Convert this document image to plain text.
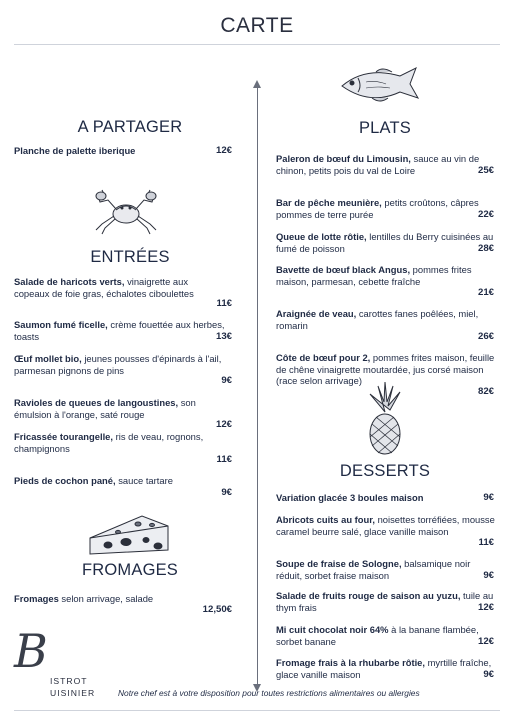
CARTE
A PARTAGER
Planche de palette iberique	12€
ENTRÉES
Salade de haricots verts, vinaigrette aux copeaux de foie gras, échalotes ciboulettes
11€
Saumon fumé ficelle, crème fouettée aux herbes, toasts	13€
Œuf mollet bio, jeunes pousses d'épinards à l'ail, parmesan pignons de pins
9€
Ravioles de queues de langoustines, son émulsion à l'orange, saté rouge
12€
Fricassée tourangelle, ris de veau, rognons, champignons
11€
Pieds de cochon pané, sauce tartare
9€
FROMAGES
Fromages selon arrivage, salade
12,50€
B
ISTROT
UISINIER
PLATS
Paleron de bœuf du Limousin, sauce au vin de chinon, petits pois du val de Loire	25€
Bar de pêche meunière, petits croûtons, câpres pommes de terre purée	22€
Queue de lotte rôtie, lentilles du Berry cuisinées au fumé de poisson	28€
Bavette de bœuf black Angus, pommes frites maison, parmesan, cebette fraîche
21€
Araignée de veau, carottes fanes poêlées, miel, romarin
26€
Côte de bœuf pour 2, pommes frites maison, feuille de chêne vinaigrette moutardée, jus corsé maison (race selon arrivage)
82€
DESSERTS
Variation glacée 3 boules maison	9€
Abricots cuits au four, noisettes torréfiées, mousse caramel beurre salé, glace vanille maison
11€
Soupe de fraise de Sologne, balsamique noir réduit, sorbet fraise maison	9€
Salade de fruits rouge de saison au yuzu, tuile au thym frais	12€
Mi cuit chocolat noir 64% à la banane flambée, sorbet banane	12€
Fromage frais à la rhubarbe rôtie, myrtille fraîche, glace vanille maison	9€
Notre chef est à votre disposition pour toutes restrictions alimentaires ou allergies
